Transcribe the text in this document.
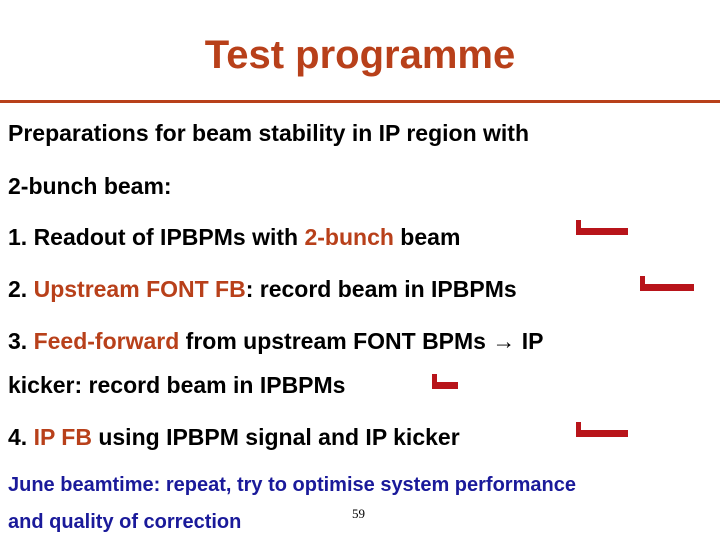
Test programme
Preparations for beam stability in IP region with
2-bunch beam:
1. Readout of IPBPMs with 2-bunch beam
2. Upstream FONT FB: record beam in IPBPMs
3. Feed-forward from upstream FONT BPMs → IP
kicker: record beam in IPBPMs
4. IP FB using IPBPM signal and IP kicker
June beamtime: repeat, try to optimise system performance
and quality of correction	59
